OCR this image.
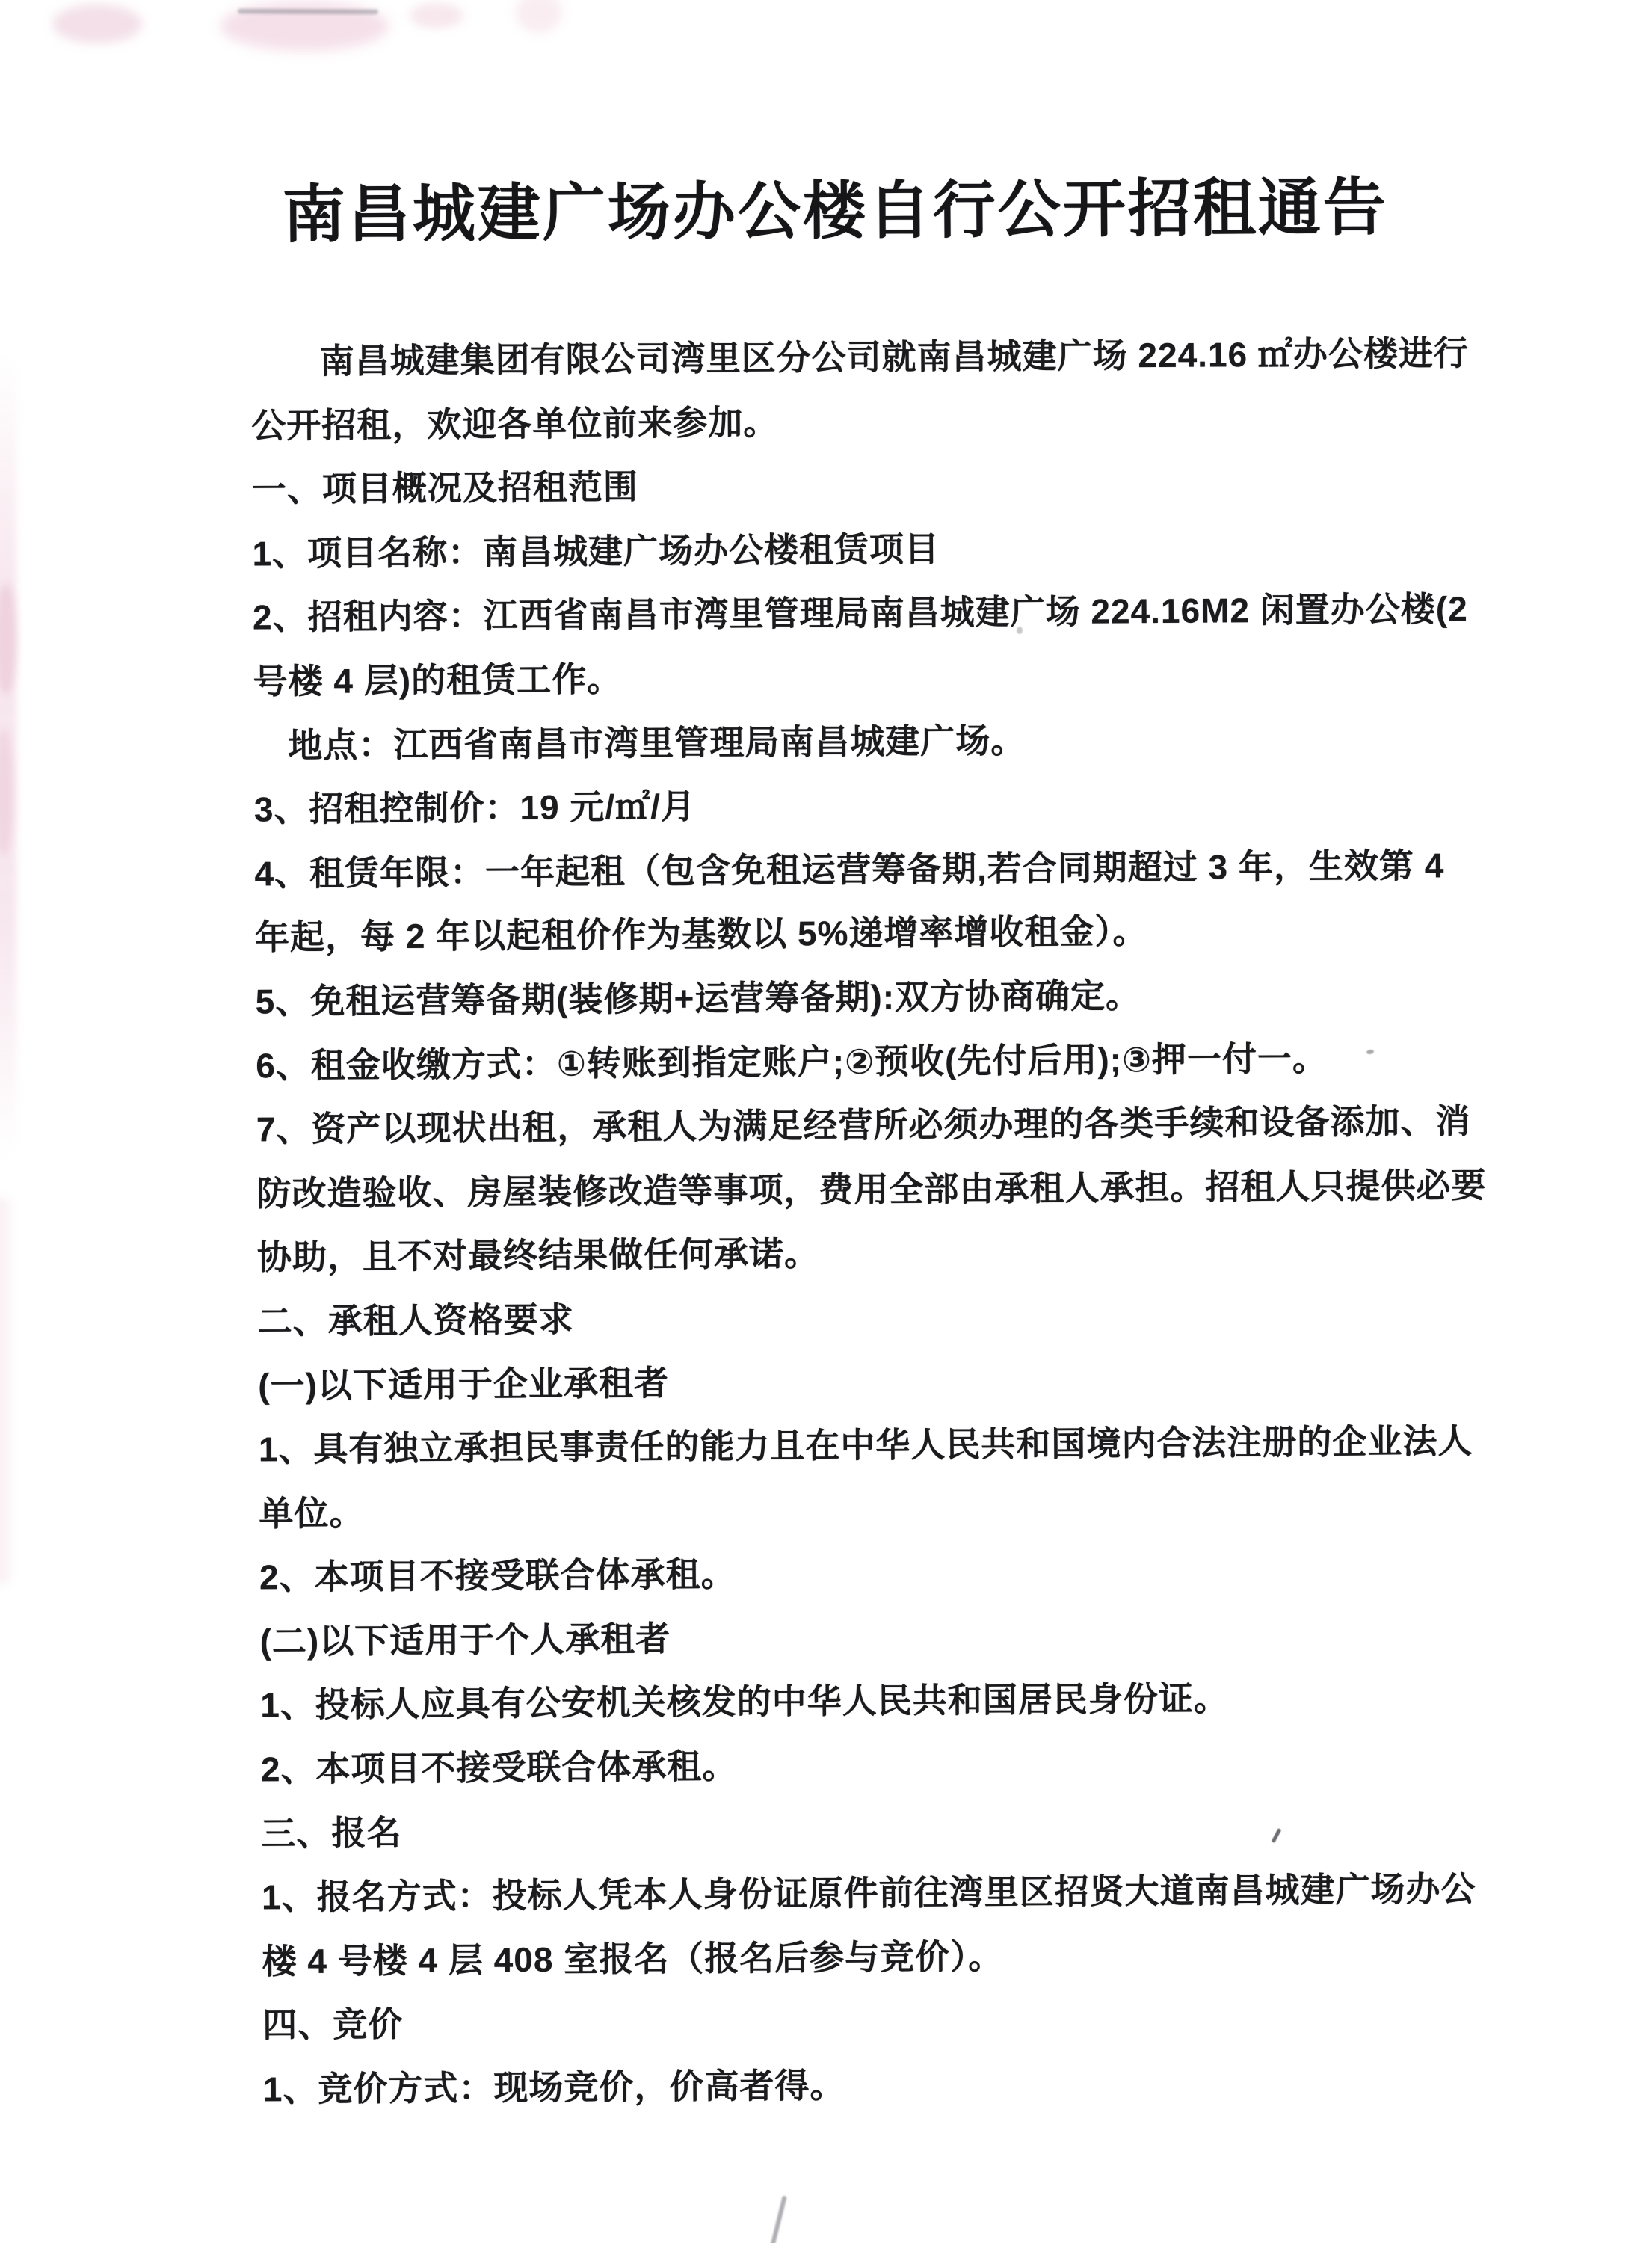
南昌城建广场办公楼自行公开招租通告
南昌城建集团有限公司湾里区分公司就南昌城建广场 224.16 ㎡办公楼进行
公开招租，欢迎各单位前来参加。
一、项目概况及招租范围
1、项目名称：南昌城建广场办公楼租赁项目
2、招租内容：江西省南昌市湾里管理局南昌城建广场 224.16M2 闲置办公楼(2
号楼 4 层)的租赁工作。
地点：江西省南昌市湾里管理局南昌城建广场。
3、招租控制价：19 元/㎡/月
4、租赁年限：一年起租（包含免租运营筹备期,若合同期超过 3 年，生效第 4
年起，每 2 年以起租价作为基数以 5%递增率增收租金）。
5、免租运营筹备期(装修期+运营筹备期):双方协商确定。
6、租金收缴方式：①转账到指定账户;②预收(先付后用);③押一付一。
7、资产以现状出租，承租人为满足经营所必须办理的各类手续和设备添加、消
防改造验收、房屋装修改造等事项，费用全部由承租人承担。招租人只提供必要
协助，且不对最终结果做任何承诺。
二、承租人资格要求
(一)以下适用于企业承租者
1、具有独立承担民事责任的能力且在中华人民共和国境内合法注册的企业法人
单位。
2、本项目不接受联合体承租。
(二)以下适用于个人承租者
1、投标人应具有公安机关核发的中华人民共和国居民身份证。
2、本项目不接受联合体承租。
三、报名
1、报名方式：投标人凭本人身份证原件前往湾里区招贤大道南昌城建广场办公
楼 4 号楼 4 层 408 室报名（报名后参与竞价）。
四、竞价
1、竞价方式：现场竞价，价高者得。
